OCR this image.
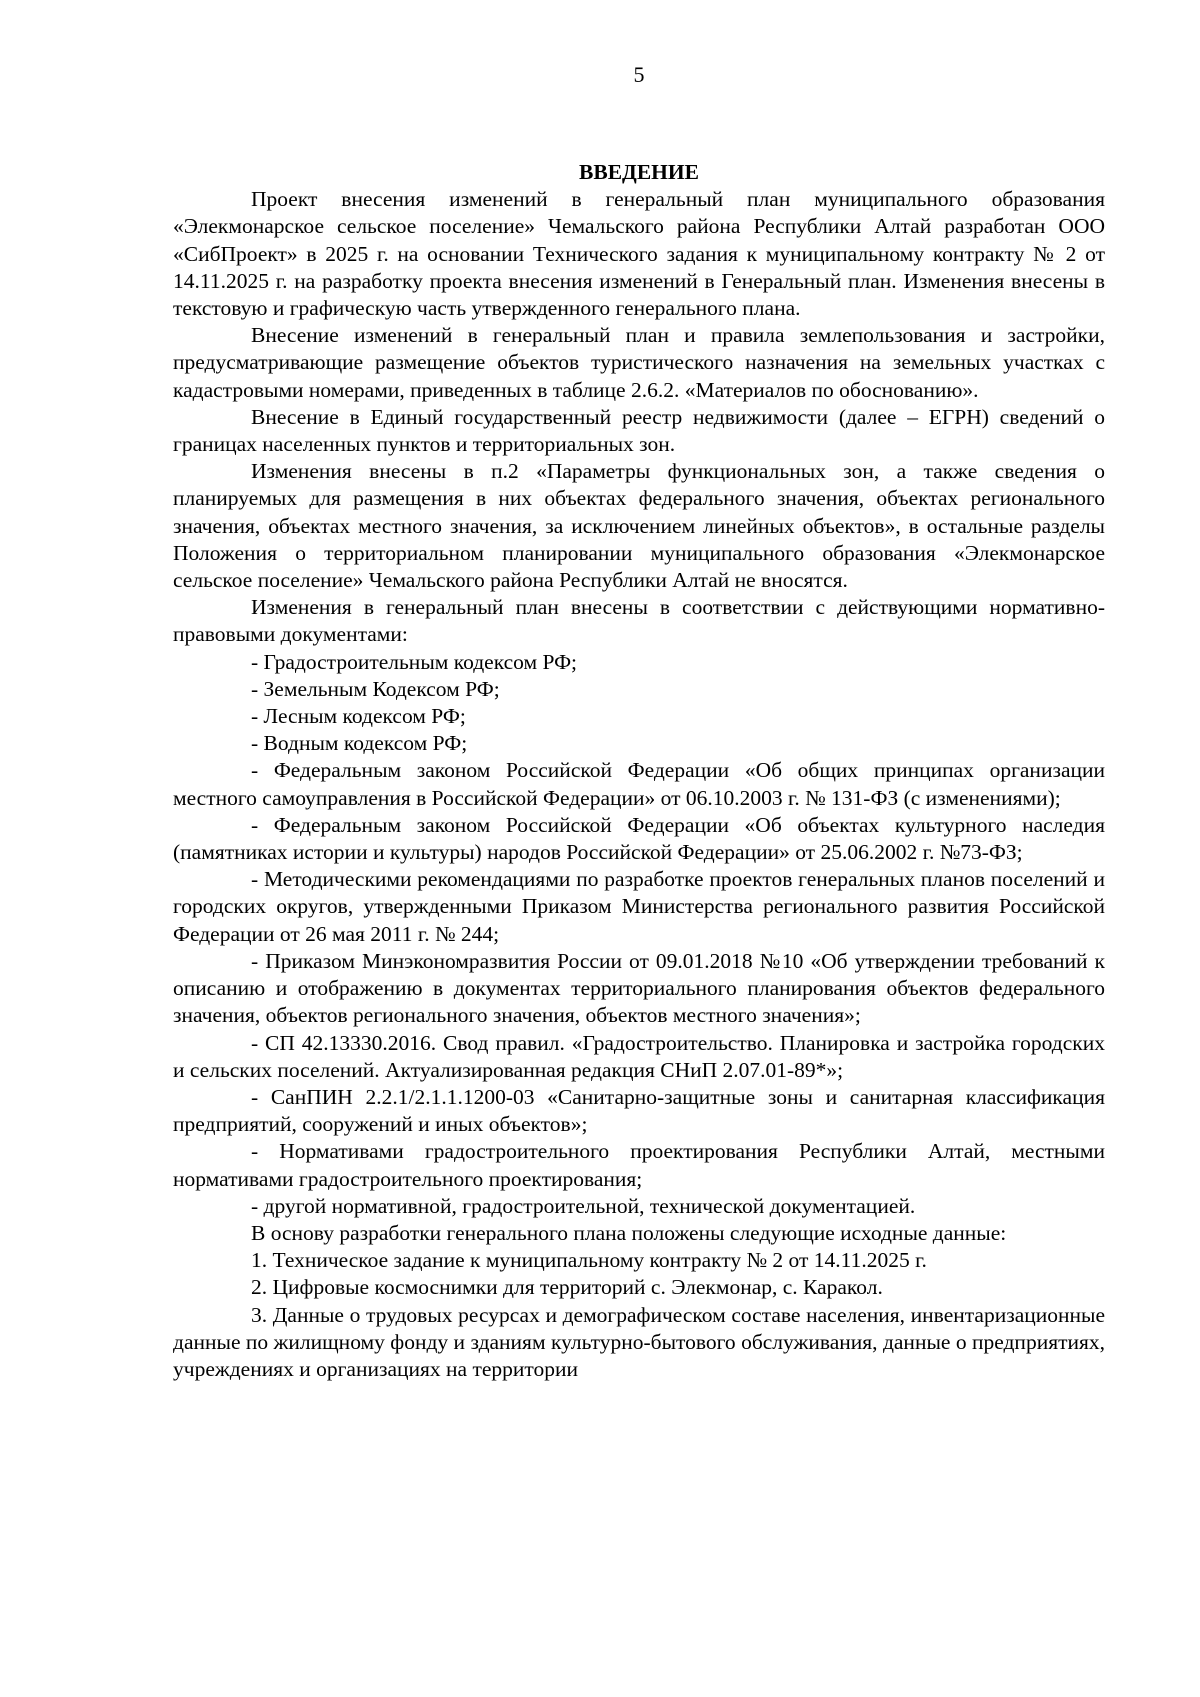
5
ВВЕДЕНИЕ

Проект внесения изменений в генеральный план муниципального образования «Элекмонарское сельское поселение» Чемальского района Республики Алтай разработан ООО «СибПроект» в 2025 г. на основании Технического задания к муниципальному контракту № 2 от 14.11.2025 г. на разработку проекта внесения изменений в Генеральный план. Изменения внесены в текстовую и графическую часть утвержденного генерального плана.

Внесение изменений в генеральный план и правила землепользования и застройки, предусматривающие размещение объектов туристического назначения на земельных участках с кадастровыми номерами, приведенных в таблице 2.6.2. «Материалов по обоснованию».

Внесение в Единый государственный реестр недвижимости (далее – ЕГРН) сведений о границах населенных пунктов и территориальных зон.

Изменения внесены в п.2 «Параметры функциональных зон, а также сведения о планируемых для размещения в них объектах федерального значения, объектах регионального значения, объектах местного значения, за исключением линейных объектов», в остальные разделы Положения о территориальном планировании муниципального образования «Элекмонарское сельское поселение» Чемальского района Республики Алтай не вносятся.

Изменения в генеральный план внесены в соответствии с действующими нормативно-правовыми документами:

- Градостроительным кодексом РФ;

- Земельным Кодексом РФ;

- Лесным кодексом РФ;

- Водным кодексом РФ;

- Федеральным законом Российской Федерации «Об общих принципах организации местного самоуправления в Российской Федерации» от 06.10.2003 г. № 131-ФЗ (с изменениями);

- Федеральным законом Российской Федерации «Об объектах культурного наследия (памятниках истории и культуры) народов Российской Федерации» от 25.06.2002 г. №73-ФЗ;

- Методическими рекомендациями по разработке проектов генеральных планов поселений и городских округов, утвержденными Приказом Министерства регионального развития Российской Федерации от 26 мая 2011 г. № 244;

- Приказом Минэкономразвития России от 09.01.2018 №10 «Об утверждении требований к описанию и отображению в документах территориального планирования объектов федерального значения, объектов регионального значения, объектов местного значения»;

- СП 42.13330.2016. Свод правил. «Градостроительство. Планировка и застройка городских и сельских поселений. Актуализированная редакция СНиП 2.07.01-89*»;

- СанПИН 2.2.1/2.1.1.1200-03 «Санитарно-защитные зоны и санитарная классификация предприятий, сооружений и иных объектов»;

- Нормативами градостроительного проектирования Республики Алтай, местными нормативами градостроительного проектирования;

- другой нормативной, градостроительной, технической документацией.

В основу разработки генерального плана положены следующие исходные данные:

1. Техническое задание к муниципальному контракту № 2 от 14.11.2025 г.

2. Цифровые космоснимки для территорий с. Элекмонар, с. Каракол.

3. Данные о трудовых ресурсах и демографическом составе населения, инвентаризационные данные по жилищному фонду и зданиям культурно-бытового обслуживания, данные о предприятиях, учреждениях и организациях на территории
